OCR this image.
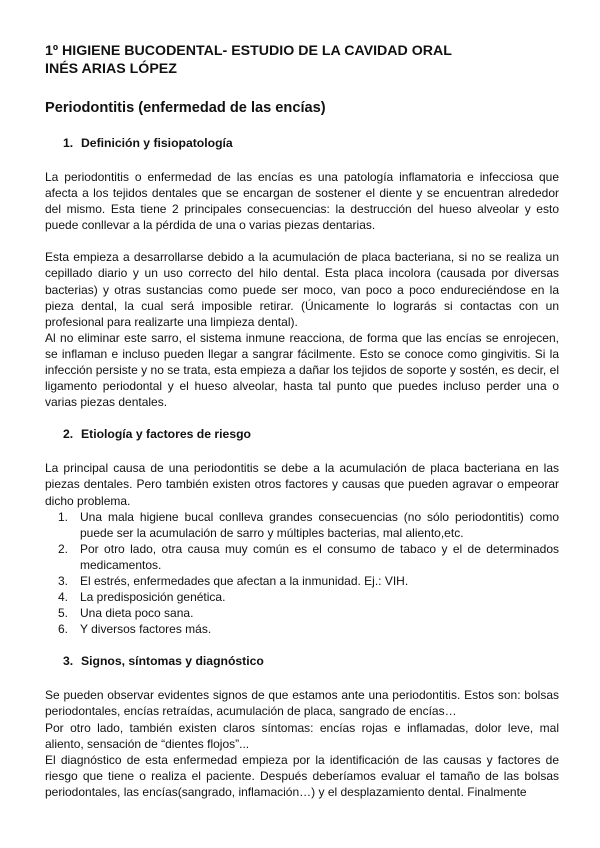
1º HIGIENE BUCODENTAL- ESTUDIO DE LA CAVIDAD ORAL

INÉS ARIAS LÓPEZ

Periodontitis (enfermedad de las encías)

1. Definición y fisiopatología

La periodontitis o enfermedad de las encías es una patología inflamatoria e infecciosa que afecta a los tejidos dentales que se encargan de sostener el diente y se encuentran alrededor del mismo. Esta tiene 2 principales consecuencias: la destrucción del hueso alveolar y esto puede conllevar a la pérdida de una o varias piezas dentarias.

Esta empieza a desarrollarse debido a la acumulación de placa bacteriana, si no se realiza un cepillado diario y un uso correcto del hilo dental. Esta placa incolora (causada por diversas bacterias) y otras sustancias como puede ser moco, van poco a poco endureciéndose en la pieza dental, la cual será imposible retirar. (Únicamente lo lograrás si contactas con un profesional para realizarte una limpieza dental).

Al no eliminar este sarro, el sistema inmune reacciona, de forma que las encías se enrojecen, se inflaman e incluso pueden llegar a sangrar fácilmente. Esto se conoce como gingivitis. Si la infección persiste y no se trata, esta empieza a dañar los tejidos de soporte y sostén, es decir, el ligamento periodontal y el hueso alveolar, hasta tal punto que puedes incluso perder una o varias piezas dentales.

2. Etiología y factores de riesgo

La principal causa de una periodontitis se debe a la acumulación de placa bacteriana en las piezas dentales. Pero también existen otros factores y causas que pueden agravar o empeorar dicho problema.

1. Una mala higiene bucal conlleva grandes consecuencias (no sólo periodontitis) como puede ser la acumulación de sarro y múltiples bacterias, mal aliento,etc.
2. Por otro lado, otra causa muy común es el consumo de tabaco y el de determinados medicamentos.
3. El estrés, enfermedades que afectan a la inmunidad. Ej.: VIH.
4. La predisposición genética.
5. Una dieta poco sana.
6. Y diversos factores más.

3. Signos, síntomas y diagnóstico

Se pueden observar evidentes signos de que estamos ante una periodontitis. Estos son: bolsas periodontales, encías retraídas, acumulación de placa, sangrado de encías…

Por otro lado, también existen claros síntomas: encías rojas e inflamadas, dolor leve, mal aliento, sensación de “dientes flojos”...

El diagnóstico de esta enfermedad empieza por la identificación de las causas y factores de riesgo que tiene o realiza el paciente. Después deberíamos evaluar el tamaño de las bolsas periodontales, las encías(sangrado, inflamación…) y el desplazamiento dental. Finalmente
